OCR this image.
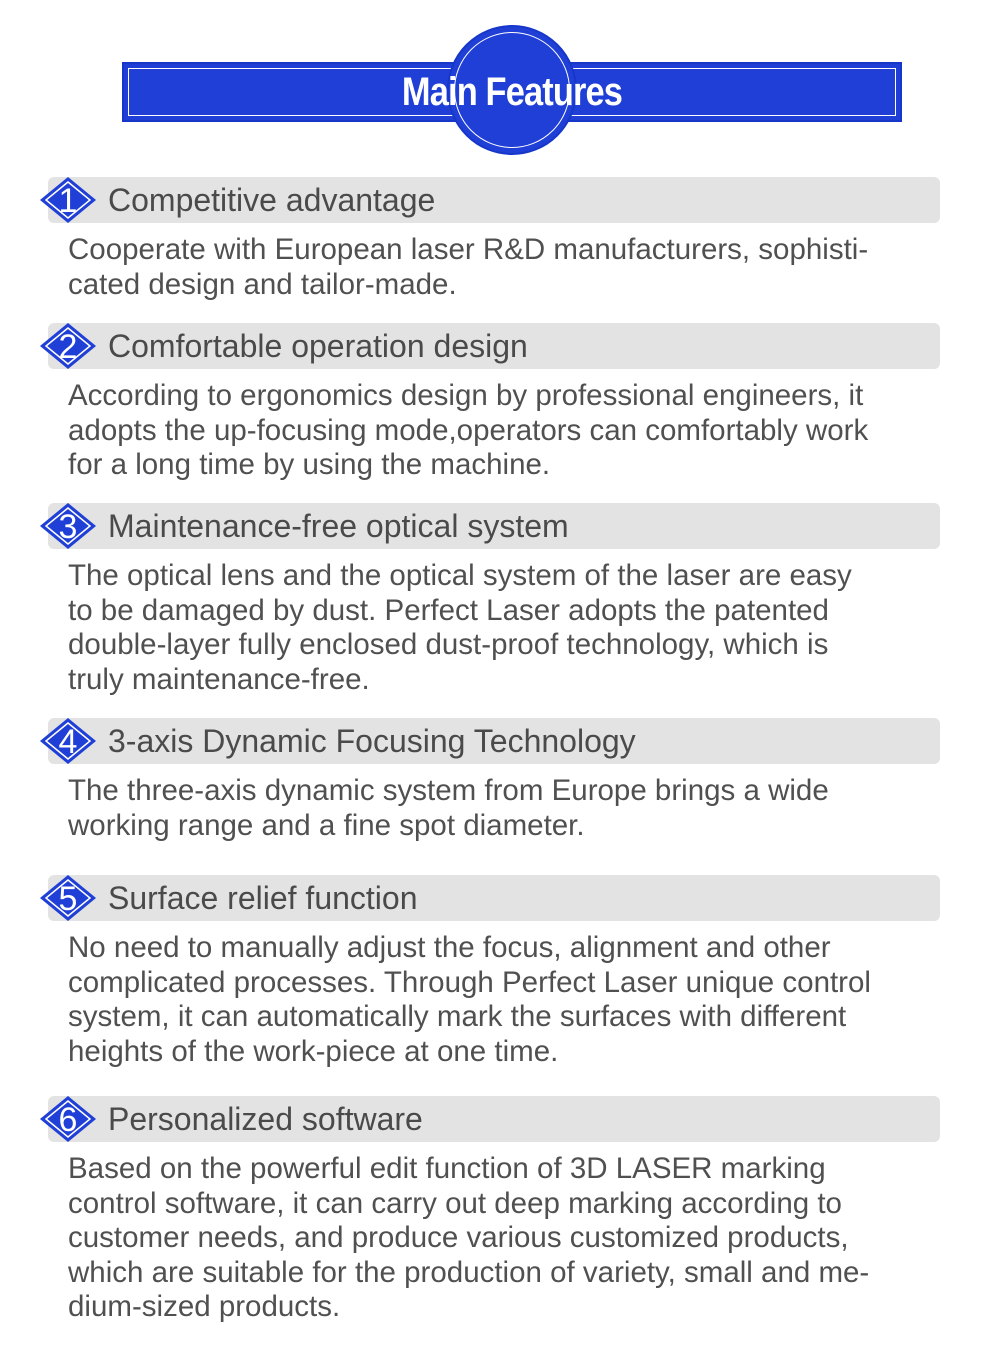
Main Features
1 Competitive advantage
Cooperate with European laser R&D manufacturers, sophisti-
cated design and tailor-made.
2 Comfortable operation design
According to ergonomics design by professional engineers, it
adopts the up-focusing mode,operators can comfortably work
for a long time by using the machine.
3 Maintenance-free optical system
The optical lens and the optical system of the laser are easy
to be damaged by dust. Perfect Laser adopts the patented
double-layer fully enclosed dust-proof technology, which is
truly maintenance-free.
4 3-axis Dynamic Focusing Technology
The three-axis dynamic system from Europe brings a wide
working range and a fine spot diameter.
5 Surface relief function
No need to manually adjust the focus, alignment and other
complicated processes. Through Perfect Laser unique control
system, it can automatically mark the surfaces with different
heights of the work-piece at one time.
6 Personalized software
Based on the powerful edit function of 3D LASER marking
control software, it can carry out deep marking according to
customer needs, and produce various customized products,
which are suitable for the production of variety, small and me-
dium-sized products.
